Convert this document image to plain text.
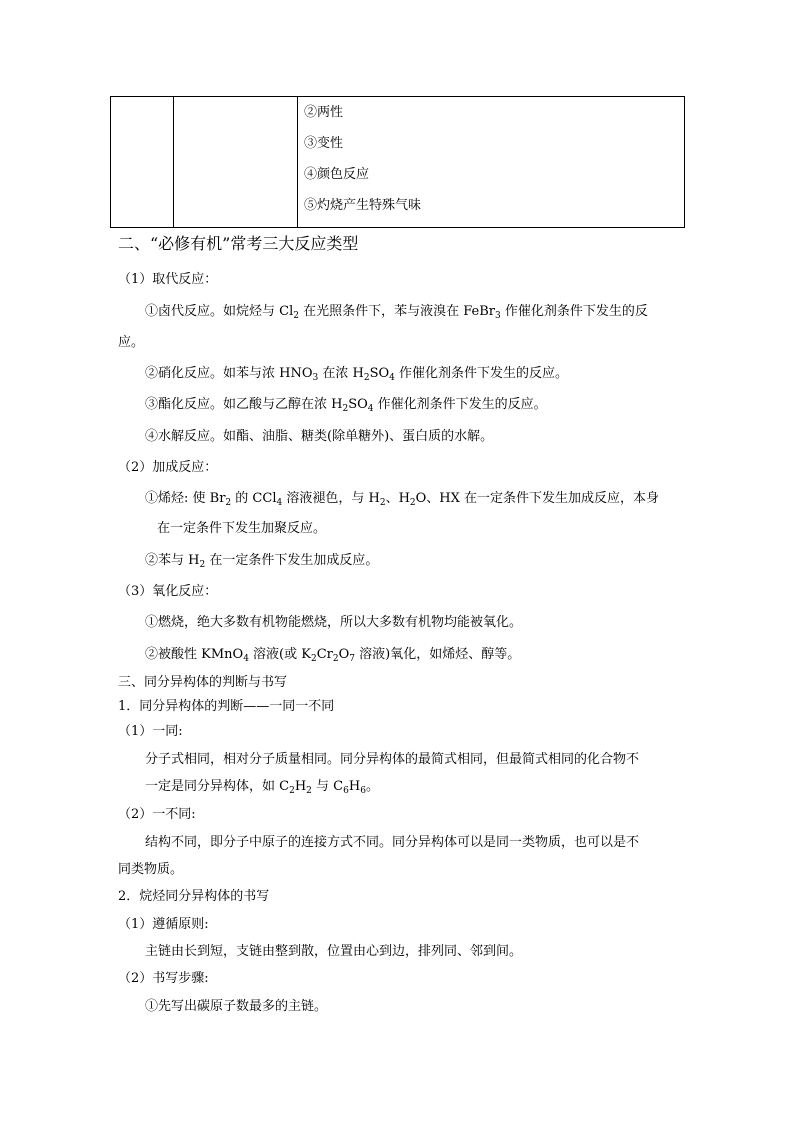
②两性
③变性
④颜色反应
⑤灼烧产生特殊气味
二、“必修有机”常考三大反应类型
（1）取代反应：
①卤代反应。如烷烃与 $Cl_2$ 在光照条件下，苯与液溴在 FeBr$_3$ 作催化剂条件下发生的反
应。
②硝化反应。如苯与浓 $HNO_3$ 在浓 $H_2SO_4$ 作催化剂条件下发生的反应。
③酯化反应。如乙酸与乙醇在浓 $H_2SO_4$ 作催化剂条件下发生的反应。
④水解反应。如酯、油脂、糖类(除单糖外)、蛋白质的水解。
（2）加成反应：
①烯烃: 使 $Br_2$ 的 CCl$_4$ 溶液褪色，与 $H_2$、$H_2O$、HX 在一定条件下发生加成反应，本身
在一定条件下发生加聚反应。
②苯与 $H_2$ 在一定条件下发生加成反应。
（3）氧化反应：
①燃烧，绝大多数有机物能燃烧，所以大多数有机物均能被氧化。
②被酸性 KMnO$_4$ 溶液(或 $K_2Cr_2O_7$ 溶液)氧化，如烯烃、醇等。
三、同分异构体的判断与书写
1．同分异构体的判断——一同一不同
（1）一同:
分子式相同，相对分子质量相同。同分异构体的最简式相同，但最简式相同的化合物不
一定是同分异构体，如 $C_2H_2$ 与 $C_6H_6$。
（2）一不同:
结构不同，即分子中原子的连接方式不同。同分异构体可以是同一类物质，也可以是不
同类物质。
2．烷烃同分异构体的书写
（1）遵循原则:
主链由长到短，支链由整到散，位置由心到边，排列同、邻到间。
（2）书写步骤:
①先写出碳原子数最多的主链。
